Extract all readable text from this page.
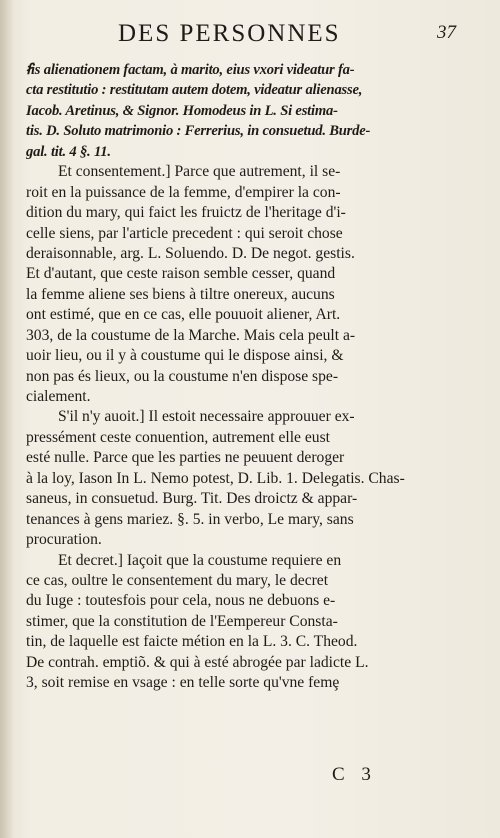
DES PERSONNES	37
ẜis alienationem factam, à marito, eius vxori videatur fa-
cta restitutio : restitutam autem dotem, videatur alienasse,
Iacob. Aretinus, & Signor. Homodeus in L. Si estima-
tis. D. Soluto matrimonio : Ferrerius, in consuetud. Burde-
gal. tit. 4 §. 11.
Et consentement.] Parce que autrement, il se-
roit en la puissance de la femme, d'empirer la con-
dition du mary, qui faict les fruictz de l'heritage d'i-
celle siens, par l'article precedent : qui seroit chose
deraisonnable, arg. L. Soluendo. D. De negot. gestis.
Et d'autant, que ceste raison semble cesser, quand
la femme aliene ses biens à tiltre onereux, aucuns
ont estimé, que en ce cas, elle pouuoit aliener, Art.
303, de la coustume de la Marche. Mais cela peult a-
uoir lieu, ou il y à coustume qui le dispose ainsi, &
non pas és lieux, ou la coustume n'en dispose spe-
cialement.
S'il n'y auoit.] Il estoit necessaire approuuer ex-
pressément ceste conuention, autrement elle eust
esté nulle. Parce que les parties ne peuuent deroger
à la loy, Iason In L. Nemo potest, D. Lib. 1. Delegatis. Chas-
saneus, in consuetud. Burg. Tit. Des droictz & appar-
tenances à gens mariez. §. 5. in verbo, Le mary, sans
procuration.
Et decret.] Iaçoit que la coustume requiere en
ce cas, oultre le consentement du mary, le decret
du Iuge : toutesfois pour cela, nous ne debuons e-
stimer, que la constitution de l'Eempereur Consta-
tin, de laquelle est faicte métion en la L. 3. C. Theod.
De contrah. emptiõ. & qui à esté abrogée par ladicte L.
3, soit remise en vsage : en telle sorte qu'vne femȩ
C 3
